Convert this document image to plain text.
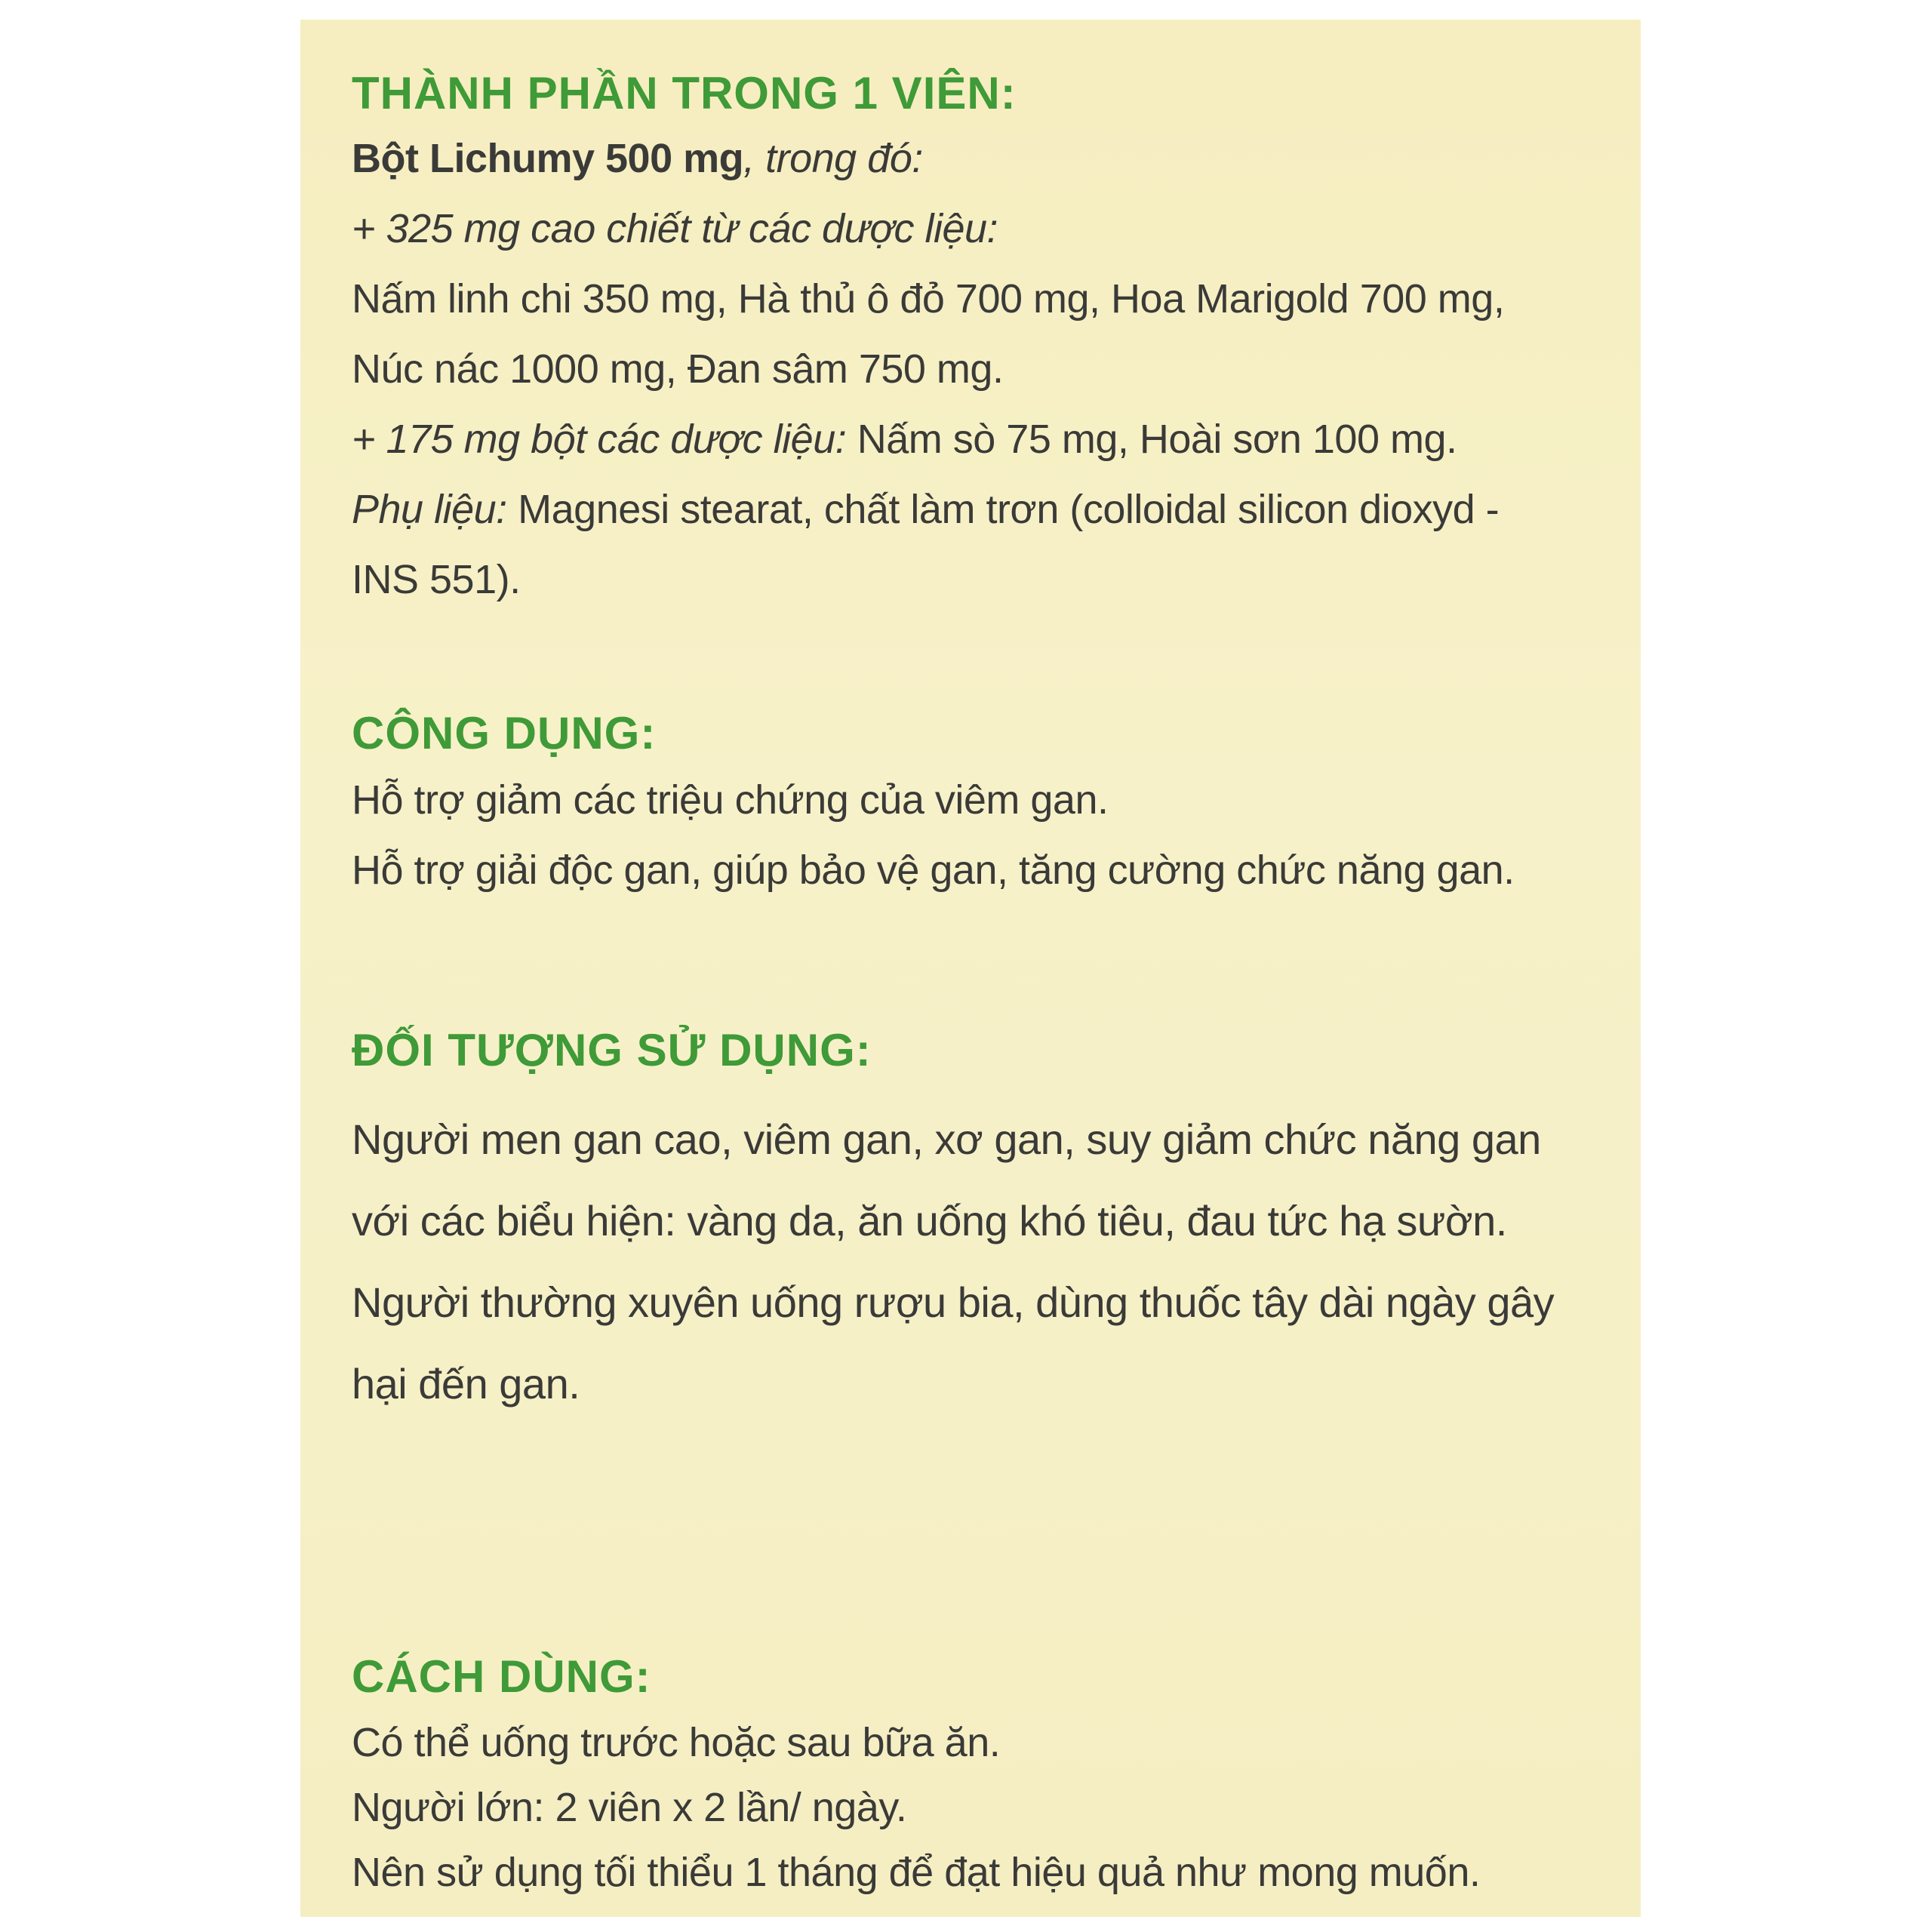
THÀNH PHẦN TRONG 1 VIÊN:
Bột Lichumy 500 mg, trong đó:
+ 325 mg cao chiết từ các dược liệu:
Nấm linh chi 350 mg, Hà thủ ô đỏ 700 mg, Hoa Marigold 700 mg,
Núc nác 1000 mg, Đan sâm 750 mg.
+ 175 mg bột các dược liệu: Nấm sò 75 mg, Hoài sơn 100 mg.
Phụ liệu: Magnesi stearat, chất làm trơn (colloidal silicon dioxyd -
INS 551).
CÔNG DỤNG:
Hỗ trợ giảm các triệu chứng của viêm gan.
Hỗ trợ giải độc gan, giúp bảo vệ gan, tăng cường chức năng gan.
ĐỐI TƯỢNG SỬ DỤNG:
Người men gan cao, viêm gan, xơ gan, suy giảm chức năng gan
với các biểu hiện: vàng da, ăn uống khó tiêu, đau tức hạ sườn.
Người thường xuyên uống rượu bia, dùng thuốc tây dài ngày gây
hại đến gan.
CÁCH DÙNG:
Có thể uống trước hoặc sau bữa ăn.
Người lớn: 2 viên x 2 lần/ ngày.
Nên sử dụng tối thiểu 1 tháng để đạt hiệu quả như mong muốn.
